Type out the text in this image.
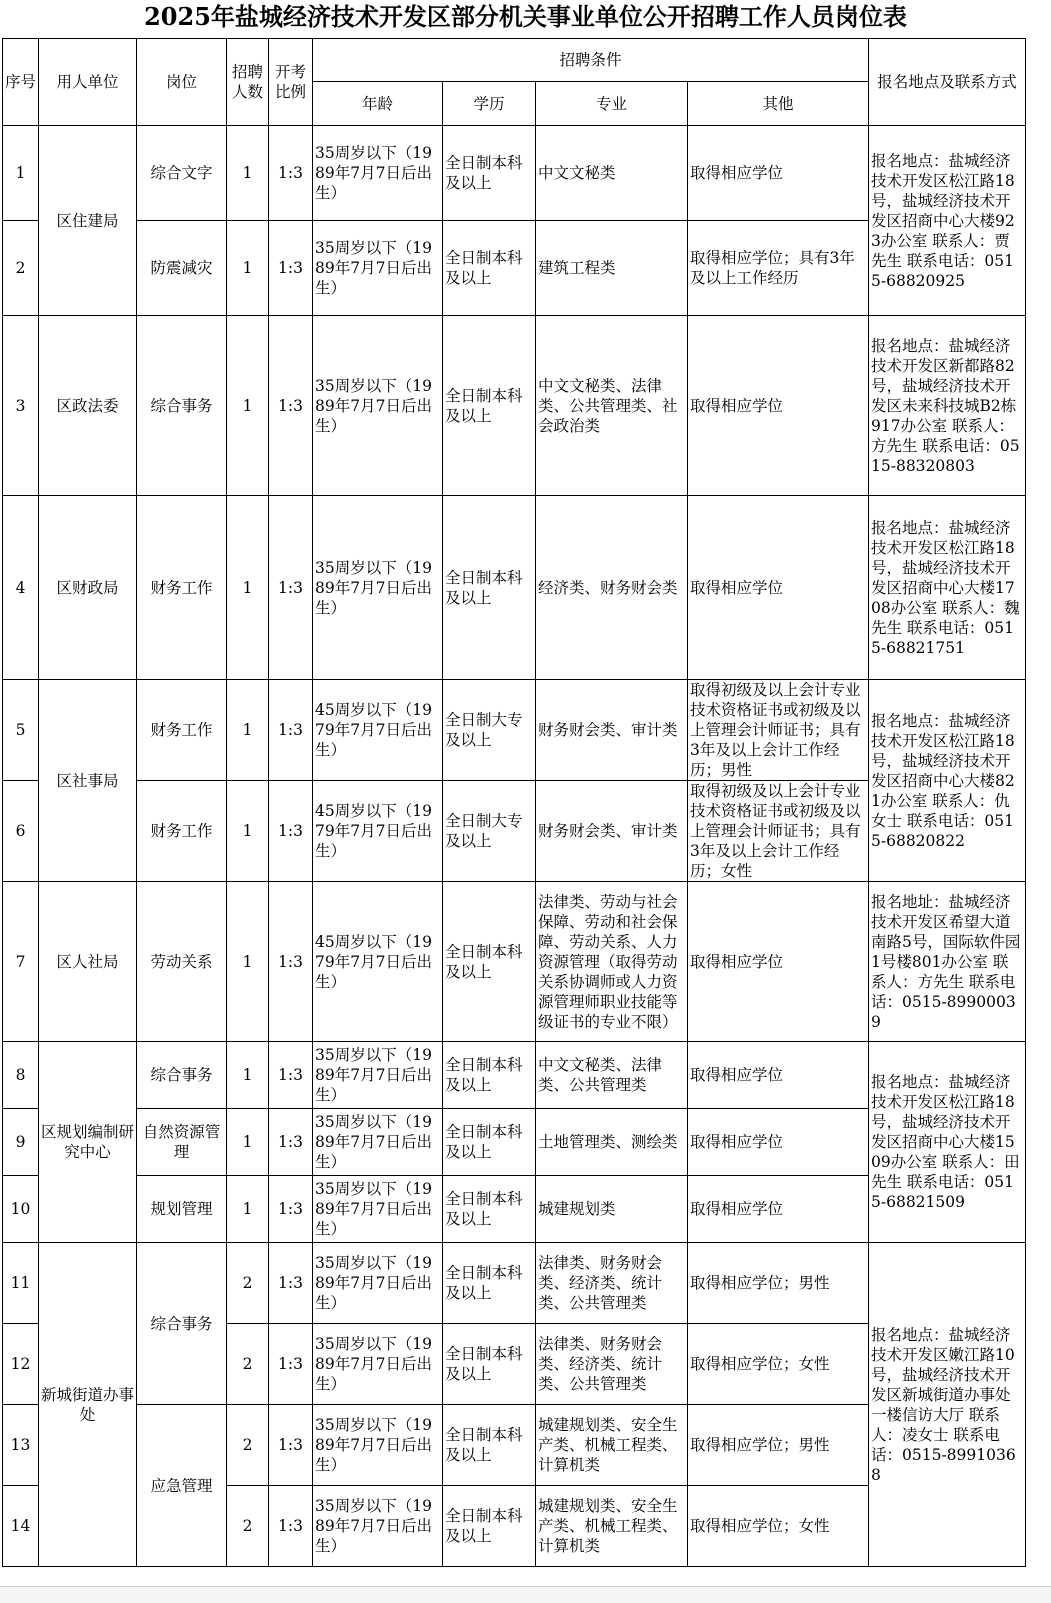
2025年盐城经济技术开发区部分机关事业单位公开招聘工作人员岗位表
序号	用人单位	岗位	招聘人数	开考比例	招聘条件				报名地点及联系方式
					年龄	学历	专业	其他	
1	区住建局	综合文字	1	1:3	35周岁以下（1989年7月7日后出生）	全日制本科及以上	中文文秘类	取得相应学位	报名地点：盐城经济技术开发区松江路18号，盐城经济技术开发区招商中心大楼923办公室 联系人：贾先生 联系电话：0515-68820925
2		防震减灾	1	1:3	35周岁以下（1989年7月7日后出生）	全日制本科及以上	建筑工程类	取得相应学位；具有3年及以上工作经历	
3	区政法委	综合事务	1	1:3	35周岁以下（1989年7月7日后出生）	全日制本科及以上	中文文秘类、法律类、公共管理类、社会政治类	取得相应学位	报名地点：盐城经济技术开发区新都路82号，盐城经济技术开发区未来科技城B2栋917办公室 联系人：方先生 联系电话：0515-88320803
4	区财政局	财务工作	1	1:3	35周岁以下（1989年7月7日后出生）	全日制本科及以上	经济类、财务财会类	取得相应学位	报名地点：盐城经济技术开发区松江路18号，盐城经济技术开发区招商中心大楼1708办公室 联系人：魏先生 联系电话：0515-68821751
5	区社事局	财务工作	1	1:3	45周岁以下（1979年7月7日后出生）	全日制大专及以上	财务财会类、审计类	取得初级及以上会计专业技术资格证书或初级及以上管理会计师证书；具有3年及以上会计工作经历；男性	报名地点：盐城经济技术开发区松江路18号，盐城经济技术开发区招商中心大楼821办公室 联系人：仇女士 联系电话：0515-68820822
6		财务工作	1	1:3	45周岁以下（1979年7月7日后出生）	全日制大专及以上	财务财会类、审计类	取得初级及以上会计专业技术资格证书或初级及以上管理会计师证书；具有3年及以上会计工作经历；女性	
7	区人社局	劳动关系	1	1:3	45周岁以下（1979年7月7日后出生）	全日制本科及以上	法律类、劳动与社会保障、劳动和社会保障、劳动关系、人力资源管理（取得劳动关系协调师或人力资源管理师职业技能等级证书的专业不限）	取得相应学位	报名地址：盐城经济技术开发区希望大道南路5号，国际软件园1号楼801办公室 联系人：方先生 联系电话：0515-89900039
8	区规划编制研究中心	综合事务	1	1:3	35周岁以下（1989年7月7日后出生）	全日制本科及以上	中文文秘类、法律类、公共管理类	取得相应学位	报名地点：盐城经济技术开发区松江路18号，盐城经济技术开发区招商中心大楼1509办公室 联系人：田先生 联系电话：0515-68821509
9		自然资源管理	1	1:3	35周岁以下（1989年7月7日后出生）	全日制本科及以上	土地管理类、测绘类	取得相应学位	
10		规划管理	1	1:3	35周岁以下（1989年7月7日后出生）	全日制本科及以上	城建规划类	取得相应学位	
11	新城街道办事处	综合事务	2	1:3	35周岁以下（1989年7月7日后出生）	全日制本科及以上	法律类、财务财会类、经济类、统计类、公共管理类	取得相应学位；男性	报名地点：盐城经济技术开发区嫩江路10号，盐城经济技术开发区新城街道办事处一楼信访大厅 联系人：凌女士 联系电话：0515-89910368
12			2	1:3	35周岁以下（1989年7月7日后出生）	全日制本科及以上	法律类、财务财会类、经济类、统计类、公共管理类	取得相应学位；女性	
13		应急管理	2	1:3	35周岁以下（1989年7月7日后出生）	全日制本科及以上	城建规划类、安全生产类、机械工程类、计算机类	取得相应学位；男性	
14			2	1:3	35周岁以下（1989年7月7日后出生）	全日制本科及以上	城建规划类、安全生产类、机械工程类、计算机类	取得相应学位；女性	
